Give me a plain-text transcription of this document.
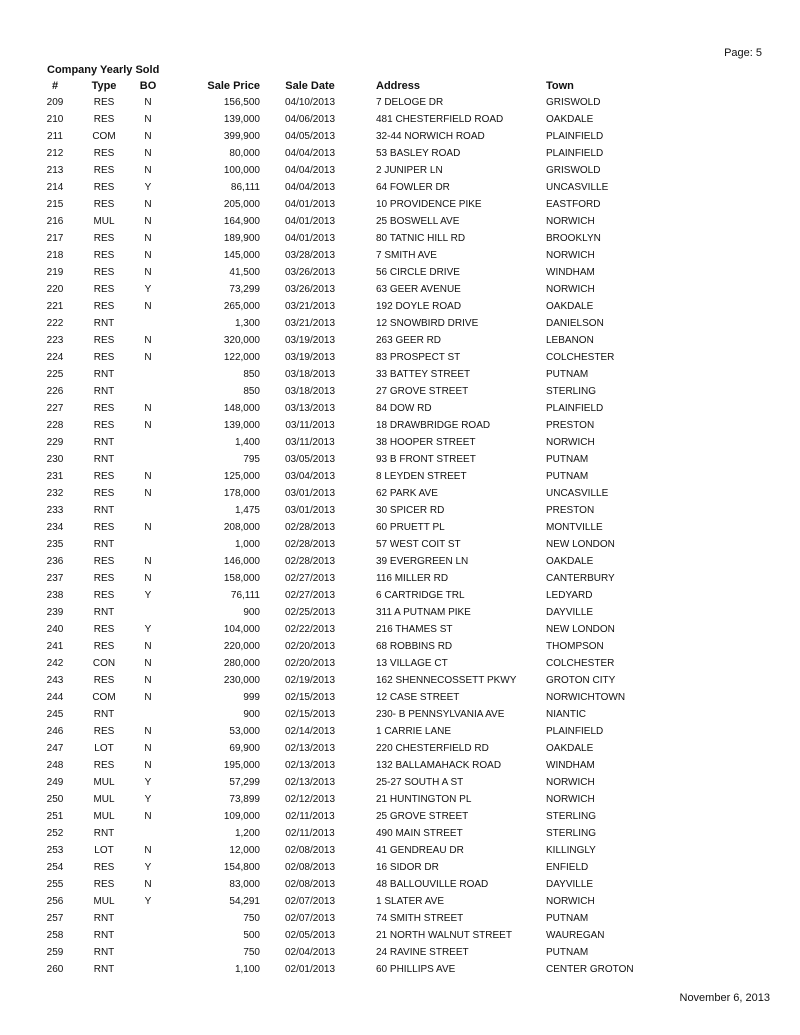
Page: 5
Company Yearly Sold
#	Type	BO	Sale Price	Sale Date	Address	Town
209	RES	N	156,500	04/10/2013	7 DELOGE DR	GRISWOLD
210	RES	N	139,000	04/06/2013	481 CHESTERFIELD ROAD	OAKDALE
211	COM	N	399,900	04/05/2013	32-44 NORWICH ROAD	PLAINFIELD
212	RES	N	80,000	04/04/2013	53 BASLEY ROAD	PLAINFIELD
213	RES	N	100,000	04/04/2013	2 JUNIPER LN	GRISWOLD
214	RES	Y	86,111	04/04/2013	64 FOWLER DR	UNCASVILLE
215	RES	N	205,000	04/01/2013	10 PROVIDENCE PIKE	EASTFORD
216	MUL	N	164,900	04/01/2013	25 BOSWELL AVE	NORWICH
217	RES	N	189,900	04/01/2013	80 TATNIC HILL RD	BROOKLYN
218	RES	N	145,000	03/28/2013	7 SMITH AVE	NORWICH
219	RES	N	41,500	03/26/2013	56 CIRCLE DRIVE	WINDHAM
220	RES	Y	73,299	03/26/2013	63 GEER AVENUE	NORWICH
221	RES	N	265,000	03/21/2013	192 DOYLE ROAD	OAKDALE
222	RNT		1,300	03/21/2013	12 SNOWBIRD DRIVE	DANIELSON
223	RES	N	320,000	03/19/2013	263 GEER RD	LEBANON
224	RES	N	122,000	03/19/2013	83 PROSPECT ST	COLCHESTER
225	RNT		850	03/18/2013	33 BATTEY STREET	PUTNAM
226	RNT		850	03/18/2013	27 GROVE STREET	STERLING
227	RES	N	148,000	03/13/2013	84 DOW RD	PLAINFIELD
228	RES	N	139,000	03/11/2013	18 DRAWBRIDGE ROAD	PRESTON
229	RNT		1,400	03/11/2013	38 HOOPER STREET	NORWICH
230	RNT		795	03/05/2013	93 B FRONT STREET	PUTNAM
231	RES	N	125,000	03/04/2013	8 LEYDEN STREET	PUTNAM
232	RES	N	178,000	03/01/2013	62 PARK AVE	UNCASVILLE
233	RNT		1,475	03/01/2013	30 SPICER RD	PRESTON
234	RES	N	208,000	02/28/2013	60 PRUETT PL	MONTVILLE
235	RNT		1,000	02/28/2013	57 WEST COIT ST	NEW LONDON
236	RES	N	146,000	02/28/2013	39 EVERGREEN LN	OAKDALE
237	RES	N	158,000	02/27/2013	116 MILLER RD	CANTERBURY
238	RES	Y	76,111	02/27/2013	6 CARTRIDGE TRL	LEDYARD
239	RNT		900	02/25/2013	311 A PUTNAM PIKE	DAYVILLE
240	RES	Y	104,000	02/22/2013	216 THAMES ST	NEW LONDON
241	RES	N	220,000	02/20/2013	68 ROBBINS RD	THOMPSON
242	CON	N	280,000	02/20/2013	13 VILLAGE CT	COLCHESTER
243	RES	N	230,000	02/19/2013	162 SHENNECOSSETT PKWY	GROTON CITY
244	COM	N	999	02/15/2013	12 CASE STREET	NORWICHTOWN
245	RNT		900	02/15/2013	230- B PENNSYLVANIA AVE	NIANTIC
246	RES	N	53,000	02/14/2013	1 CARRIE LANE	PLAINFIELD
247	LOT	N	69,900	02/13/2013	220 CHESTERFIELD RD	OAKDALE
248	RES	N	195,000	02/13/2013	132 BALLAMAHACK ROAD	WINDHAM
249	MUL	Y	57,299	02/13/2013	25-27 SOUTH A ST	NORWICH
250	MUL	Y	73,899	02/12/2013	21 HUNTINGTON PL	NORWICH
251	MUL	N	109,000	02/11/2013	25 GROVE STREET	STERLING
252	RNT		1,200	02/11/2013	490 MAIN STREET	STERLING
253	LOT	N	12,000	02/08/2013	41 GENDREAU DR	KILLINGLY
254	RES	Y	154,800	02/08/2013	16 SIDOR DR	ENFIELD
255	RES	N	83,000	02/08/2013	48 BALLOUVILLE ROAD	DAYVILLE
256	MUL	Y	54,291	02/07/2013	1 SLATER AVE	NORWICH
257	RNT		750	02/07/2013	74 SMITH STREET	PUTNAM
258	RNT		500	02/05/2013	21 NORTH WALNUT STREET	WAUREGAN
259	RNT		750	02/04/2013	24 RAVINE STREET	PUTNAM
260	RNT		1,100	02/01/2013	60 PHILLIPS AVE	CENTER GROTON
November 6, 2013
